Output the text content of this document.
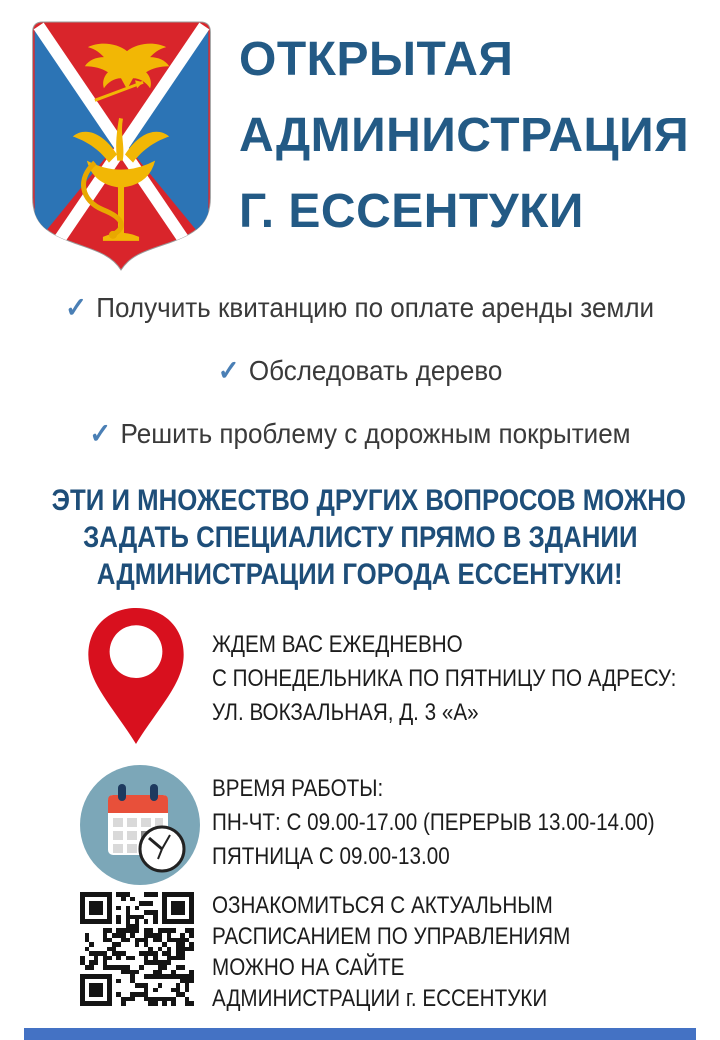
ОТКРЫТАЯ
АДМИНИСТРАЦИЯ
Г. ЕССЕНТУКИ
✓ Получить квитанцию по оплате аренды земли
✓ Обследовать дерево
✓ Решить проблему с дорожным покрытием
ЭТИ И МНОЖЕСТВО ДРУГИХ ВОПРОСОВ МОЖНО
ЗАДАТЬ СПЕЦИАЛИСТУ ПРЯМО В ЗДАНИИ
АДМИНИСТРАЦИИ ГОРОДА ЕССЕНТУКИ!
ЖДЕМ ВАС ЕЖЕДНЕВНО
С ПОНЕДЕЛЬНИКА ПО ПЯТНИЦУ ПО АДРЕСУ:
УЛ. ВОКЗАЛЬНАЯ, Д. 3 «А»
ВРЕМЯ РАБОТЫ:
ПН-ЧТ: С 09.00-17.00 (ПЕРЕРЫВ 13.00-14.00)
ПЯТНИЦА С 09.00-13.00
ОЗНАКОМИТЬСЯ С АКТУАЛЬНЫМ
РАСПИСАНИЕМ ПО УПРАВЛЕНИЯМ
МОЖНО НА САЙТЕ
АДМИНИСТРАЦИИ г. ЕССЕНТУКИ
